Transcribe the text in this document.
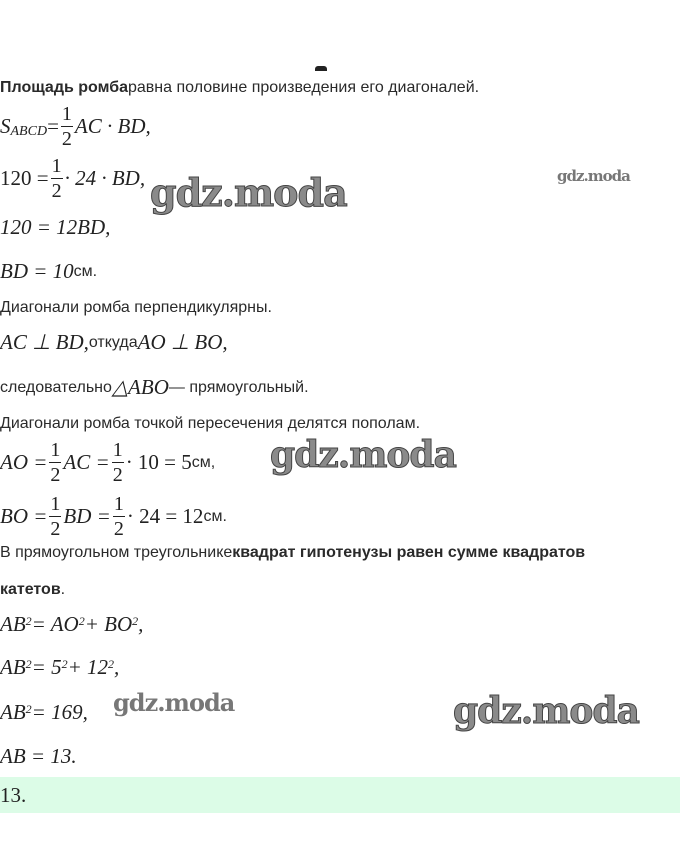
Площадь ромба равна половине произведения его диагоналей.
S ABCD = $\frac{1}{2}$ AC · BD,
$120 = \frac{1}{2} \cdot 24$ · BD,
120 = 12BD,
BD = 10 см.
Диагонали ромба перпендикулярны.
AC ⊥ BD, откуда AO ⊥ BO,
следовательно △ABO — прямоугольный.
Диагонали ромба точкой пересечения делятся пополам.
AO = $\frac{1}{2}$ AC = $\frac{1}{2} \cdot 10 = 5$ см,
BO = $\frac{1}{2}$ BD = $\frac{1}{2} \cdot 24 = 12$ см.
В прямоугольном треугольнике квадрат гипотенузы равен сумме квадратов
катетов .
$AB^2 = AO^2 + BO^2$ ,
$AB^2 = 5^2 + 12^2$ ,
$AB^2 = 169$,
AB = 13.
13.
gdz.moda	gdz.moda
gdz.moda
gdz.moda	gdz.moda
